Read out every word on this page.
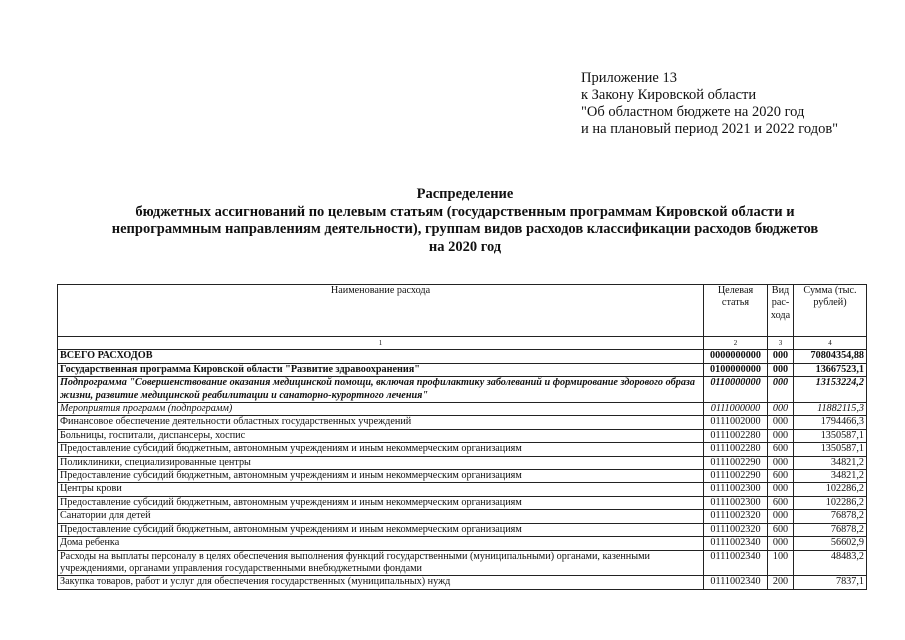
Приложение 13
к Закону Кировской области
"Об областном бюджете на 2020 год
и на плановый период 2021 и 2022 годов"
Распределение
бюджетных ассигнований по целевым статьям (государственным программам Кировской области и
непрограммным направлениям деятельности), группам видов расходов классификации расходов бюджетов
на 2020 год
Наименование расхода	Целевая статья	Вид рас-хода	Сумма (тыс. рублей)
1	2	3	4
ВСЕГО РАСХОДОВ	0000000000	000	70804354,88
Государственная программа Кировской области "Развитие здравоохранения"	0100000000	000	13667523,1
Подпрограмма "Совершенствование оказания медицинской помощи, включая профилактику заболеваний и формирование здорового образа жизни, развитие медицинской реабилитации и санаторно-курортного лечения"	0110000000	000	13153224,2
Мероприятия программ (подпрограмм)	0111000000	000	11882115,3
Финансовое обеспечение деятельности областных государственных учреждений	0111002000	000	1794466,3
Больницы, госпитали, диспансеры, хоспис	0111002280	000	1350587,1
Предоставление субсидий бюджетным, автономным учреждениям и иным некоммерческим организациям	0111002280	600	1350587,1
Поликлиники, специализированные центры	0111002290	000	34821,2
Предоставление субсидий бюджетным, автономным учреждениям и иным некоммерческим организациям	0111002290	600	34821,2
Центры крови	0111002300	000	102286,2
Предоставление субсидий бюджетным, автономным учреждениям и иным некоммерческим организациям	0111002300	600	102286,2
Санатории для детей	0111002320	000	76878,2
Предоставление субсидий бюджетным, автономным учреждениям и иным некоммерческим организациям	0111002320	600	76878,2
Дома ребенка	0111002340	000	56602,9
Расходы на выплаты персоналу в целях обеспечения выполнения функций государственными (муниципальными) органами, казенными учреждениями, органами управления государственными внебюджетными фондами	0111002340	100	48483,2
Закупка товаров, работ и услуг для обеспечения государственных (муниципальных) нужд	0111002340	200	7837,1
